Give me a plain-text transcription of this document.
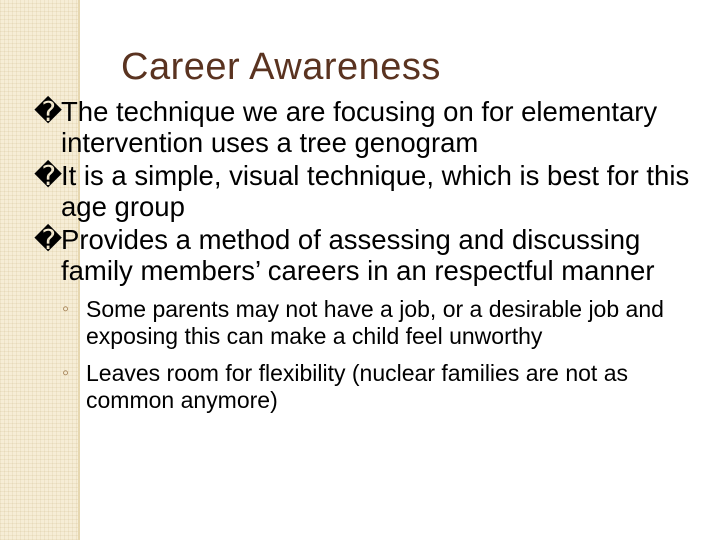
Career Awareness
�
The technique we are focusing on for elementary intervention uses a tree genogram
�
It is a simple, visual technique, which is best for this age group
�
Provides a method of assessing and discussing family members’ careers in an respectful manner
◦ Some parents may not have a job, or a desirable job and exposing this can make a child feel unworthy
◦ Leaves room for flexibility (nuclear families are not as common anymore)
